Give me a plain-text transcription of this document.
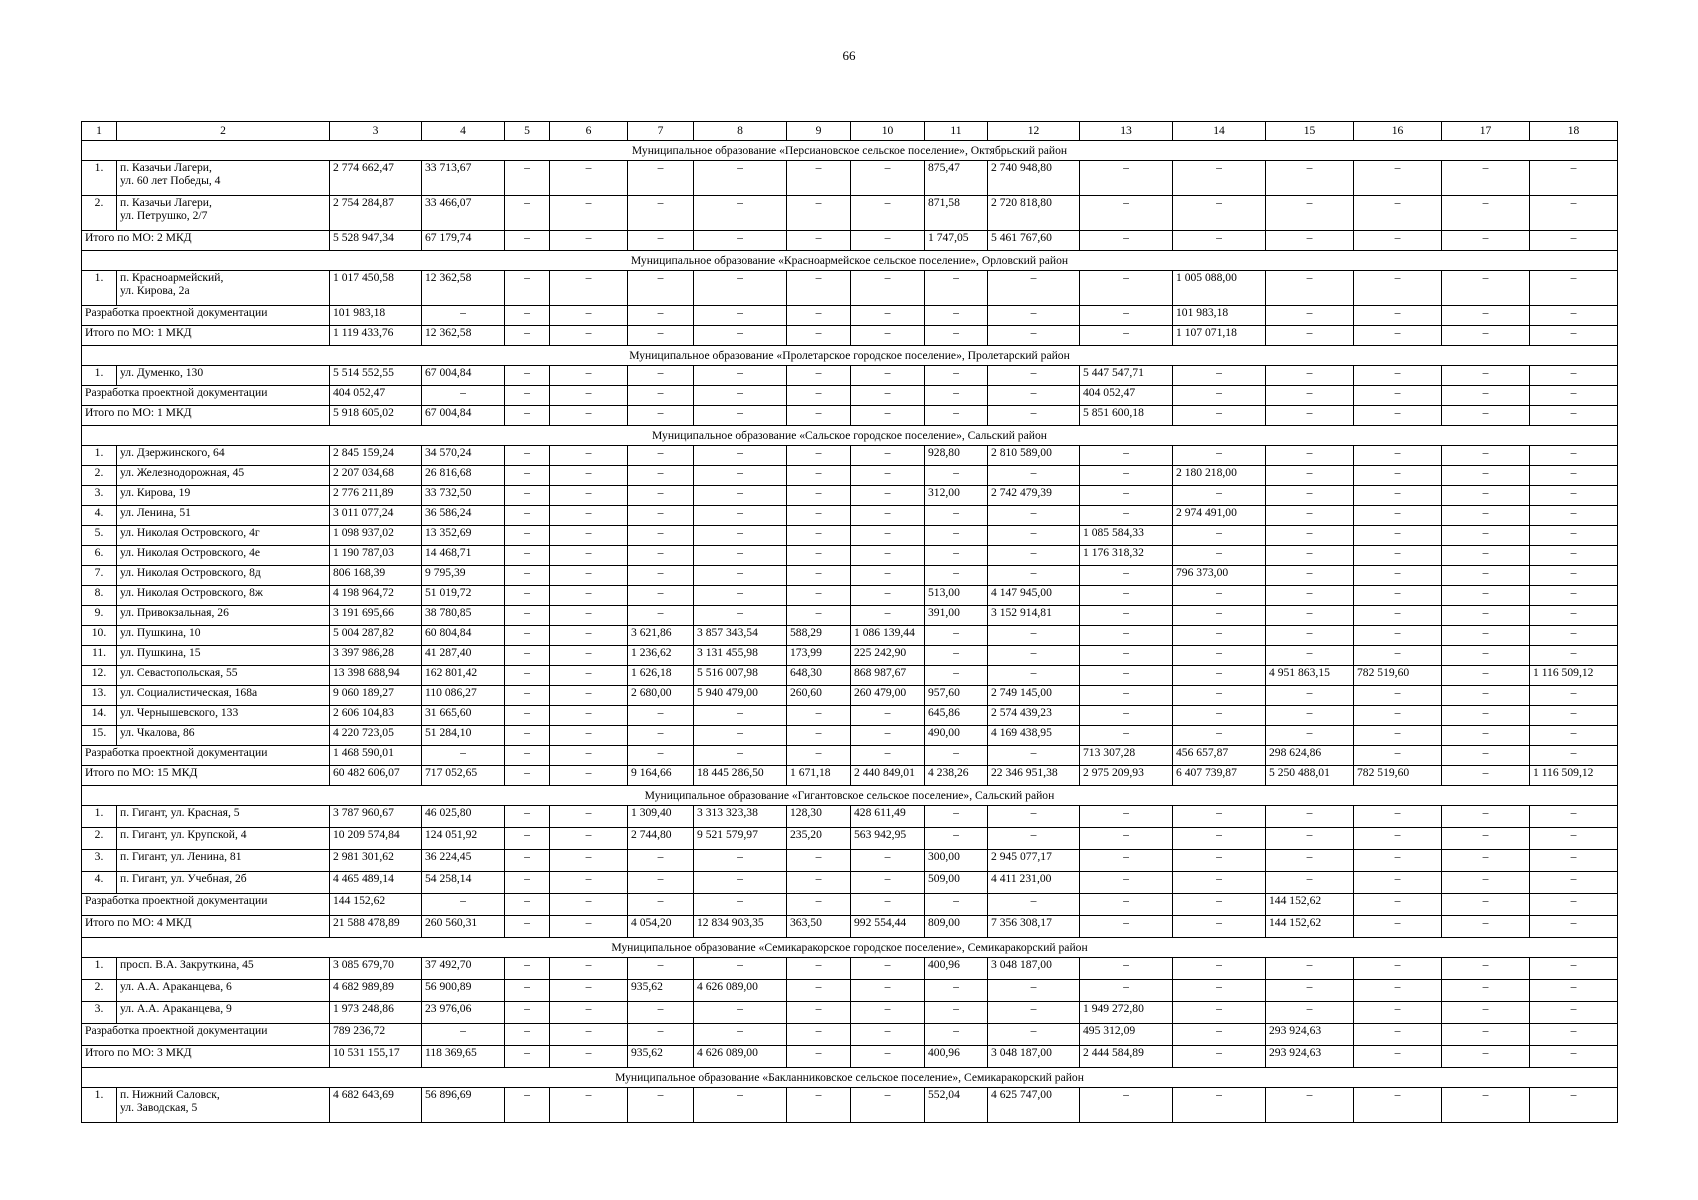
66
1	2	3	4	5	6	7	8	9	10	11	12	13	14	15	16	17	18
Муниципальное образование «Персиановское сельское поселение», Октябрьский район																	
1.	п. Казачьи Лагери,
ул. 60 лет Победы, 4	2 774 662,47	33 713,67	–	–	–	–	–	–	875,47	2 740 948,80	–	–	–	–	–	–
2.	п. Казачьи Лагери,
ул. Петрушко, 2/7	2 754 284,87	33 466,07	–	–	–	–	–	–	871,58	2 720 818,80	–	–	–	–	–	–
Итого по МО: 2 МКД		5 528 947,34	67 179,74	–	–	–	–	–	–	1 747,05	5 461 767,60	–	–	–	–	–	–
Муниципальное образование «Красноармейское сельское поселение», Орловский район																	
1.	п. Красноармейский,
ул. Кирова, 2а	1 017 450,58	12 362,58	–	–	–	–	–	–	–	–	–	1 005 088,00	–	–	–	–
Разработка проектной документации		101 983,18	–	–	–	–	–	–	–	–	–	–	101 983,18	–	–	–	–
Итого по МО: 1 МКД		1 119 433,76	12 362,58	–	–	–	–	–	–	–	–	–	1 107 071,18	–	–	–	–
Муниципальное образование «Пролетарское городское поселение», Пролетарский район																	
1.	ул. Думенко, 130	5 514 552,55	67 004,84	–	–	–	–	–	–	–	–	5 447 547,71	–	–	–	–	–
Разработка проектной документации		404 052,47	–	–	–	–	–	–	–	–	–	404 052,47	–	–	–	–	–
Итого по МО: 1 МКД		5 918 605,02	67 004,84	–	–	–	–	–	–	–	–	5 851 600,18	–	–	–	–	–
Муниципальное образование «Сальское городское поселение», Сальский район																	
1.	ул. Дзержинского, 64	2 845 159,24	34 570,24	–	–	–	–	–	–	928,80	2 810 589,00	–	–	–	–	–	–
2.	ул. Железнодорожная, 45	2 207 034,68	26 816,68	–	–	–	–	–	–	–	–	–	2 180 218,00	–	–	–	–
3.	ул. Кирова, 19	2 776 211,89	33 732,50	–	–	–	–	–	–	312,00	2 742 479,39	–	–	–	–	–	–
4.	ул. Ленина, 51	3 011 077,24	36 586,24	–	–	–	–	–	–	–	–	–	2 974 491,00	–	–	–	–
5.	ул. Николая Островского, 4г	1 098 937,02	13 352,69	–	–	–	–	–	–	–	–	1 085 584,33	–	–	–	–	–
6.	ул. Николая Островского, 4е	1 190 787,03	14 468,71	–	–	–	–	–	–	–	–	1 176 318,32	–	–	–	–	–
7.	ул. Николая Островского, 8д	806 168,39	9 795,39	–	–	–	–	–	–	–	–	–	796 373,00	–	–	–	–
8.	ул. Николая Островского, 8ж	4 198 964,72	51 019,72	–	–	–	–	–	–	513,00	4 147 945,00	–	–	–	–	–	–
9.	ул. Привокзальная, 26	3 191 695,66	38 780,85	–	–	–	–	–	–	391,00	3 152 914,81	–	–	–	–	–	–
10.	ул. Пушкина, 10	5 004 287,82	60 804,84	–	–	3 621,86	3 857 343,54	588,29	1 086 139,44	–	–	–	–	–	–	–	–
11.	ул. Пушкина, 15	3 397 986,28	41 287,40	–	–	1 236,62	3 131 455,98	173,99	225 242,90	–	–	–	–	–	–	–	–
12.	ул. Севастопольская, 55	13 398 688,94	162 801,42	–	–	1 626,18	5 516 007,98	648,30	868 987,67	–	–	–	–	4 951 863,15	782 519,60	–	1 116 509,12
13.	ул. Социалистическая, 168а	9 060 189,27	110 086,27	–	–	2 680,00	5 940 479,00	260,60	260 479,00	957,60	2 749 145,00	–	–	–	–	–	–
14.	ул. Чернышевского, 133	2 606 104,83	31 665,60	–	–	–	–	–	–	645,86	2 574 439,23	–	–	–	–	–	–
15.	ул. Чкалова, 86	4 220 723,05	51 284,10	–	–	–	–	–	–	490,00	4 169 438,95	–	–	–	–	–	–
Разработка проектной документации		1 468 590,01	–	–	–	–	–	–	–	–	–	713 307,28	456 657,87	298 624,86	–	–	–
Итого по МО: 15 МКД		60 482 606,07	717 052,65	–	–	9 164,66	18 445 286,50	1 671,18	2 440 849,01	4 238,26	22 346 951,38	2 975 209,93	6 407 739,87	5 250 488,01	782 519,60	–	1 116 509,12
Муниципальное образование «Гигантовское сельское поселение», Сальский район																	
1.	п. Гигант, ул. Красная, 5	3 787 960,67	46 025,80	–	–	1 309,40	3 313 323,38	128,30	428 611,49	–	–	–	–	–	–	–	–
2.	п. Гигант, ул. Крупской, 4	10 209 574,84	124 051,92	–	–	2 744,80	9 521 579,97	235,20	563 942,95	–	–	–	–	–	–	–	–
3.	п. Гигант, ул. Ленина, 81	2 981 301,62	36 224,45	–	–	–	–	–	–	300,00	2 945 077,17	–	–	–	–	–	–
4.	п. Гигант, ул. Учебная, 2б	4 465 489,14	54 258,14	–	–	–	–	–	–	509,00	4 411 231,00	–	–	–	–	–	–
Разработка проектной документации		144 152,62	–	–	–	–	–	–	–	–	–	–	–	144 152,62	–	–	–
Итого по МО: 4 МКД		21 588 478,89	260 560,31	–	–	4 054,20	12 834 903,35	363,50	992 554,44	809,00	7 356 308,17	–	–	144 152,62	–	–	–
Муниципальное образование «Семикаракорское городское поселение», Семикаракорский район																	
1.	просп. В.А. Закруткина, 45	3 085 679,70	37 492,70	–	–	–	–	–	–	400,96	3 048 187,00	–	–	–	–	–	–
2.	ул. А.А. Араканцева, 6	4 682 989,89	56 900,89	–	–	935,62	4 626 089,00	–	–	–	–	–	–	–	–	–	–
3.	ул. А.А. Араканцева, 9	1 973 248,86	23 976,06	–	–	–	–	–	–	–	–	1 949 272,80	–	–	–	–	–
Разработка проектной документации		789 236,72	–	–	–	–	–	–	–	–	–	495 312,09	–	293 924,63	–	–	–
Итого по МО: 3 МКД		10 531 155,17	118 369,65	–	–	935,62	4 626 089,00	–	–	400,96	3 048 187,00	2 444 584,89	–	293 924,63	–	–	–
Муниципальное образование «Бакланниковское сельское поселение», Семикаракорский район																	
1.	п. Нижний Саловск,
ул. Заводская, 5	4 682 643,69	56 896,69	–	–	–	–	–	–	552,04	4 625 747,00	–	–	–	–	–	–
